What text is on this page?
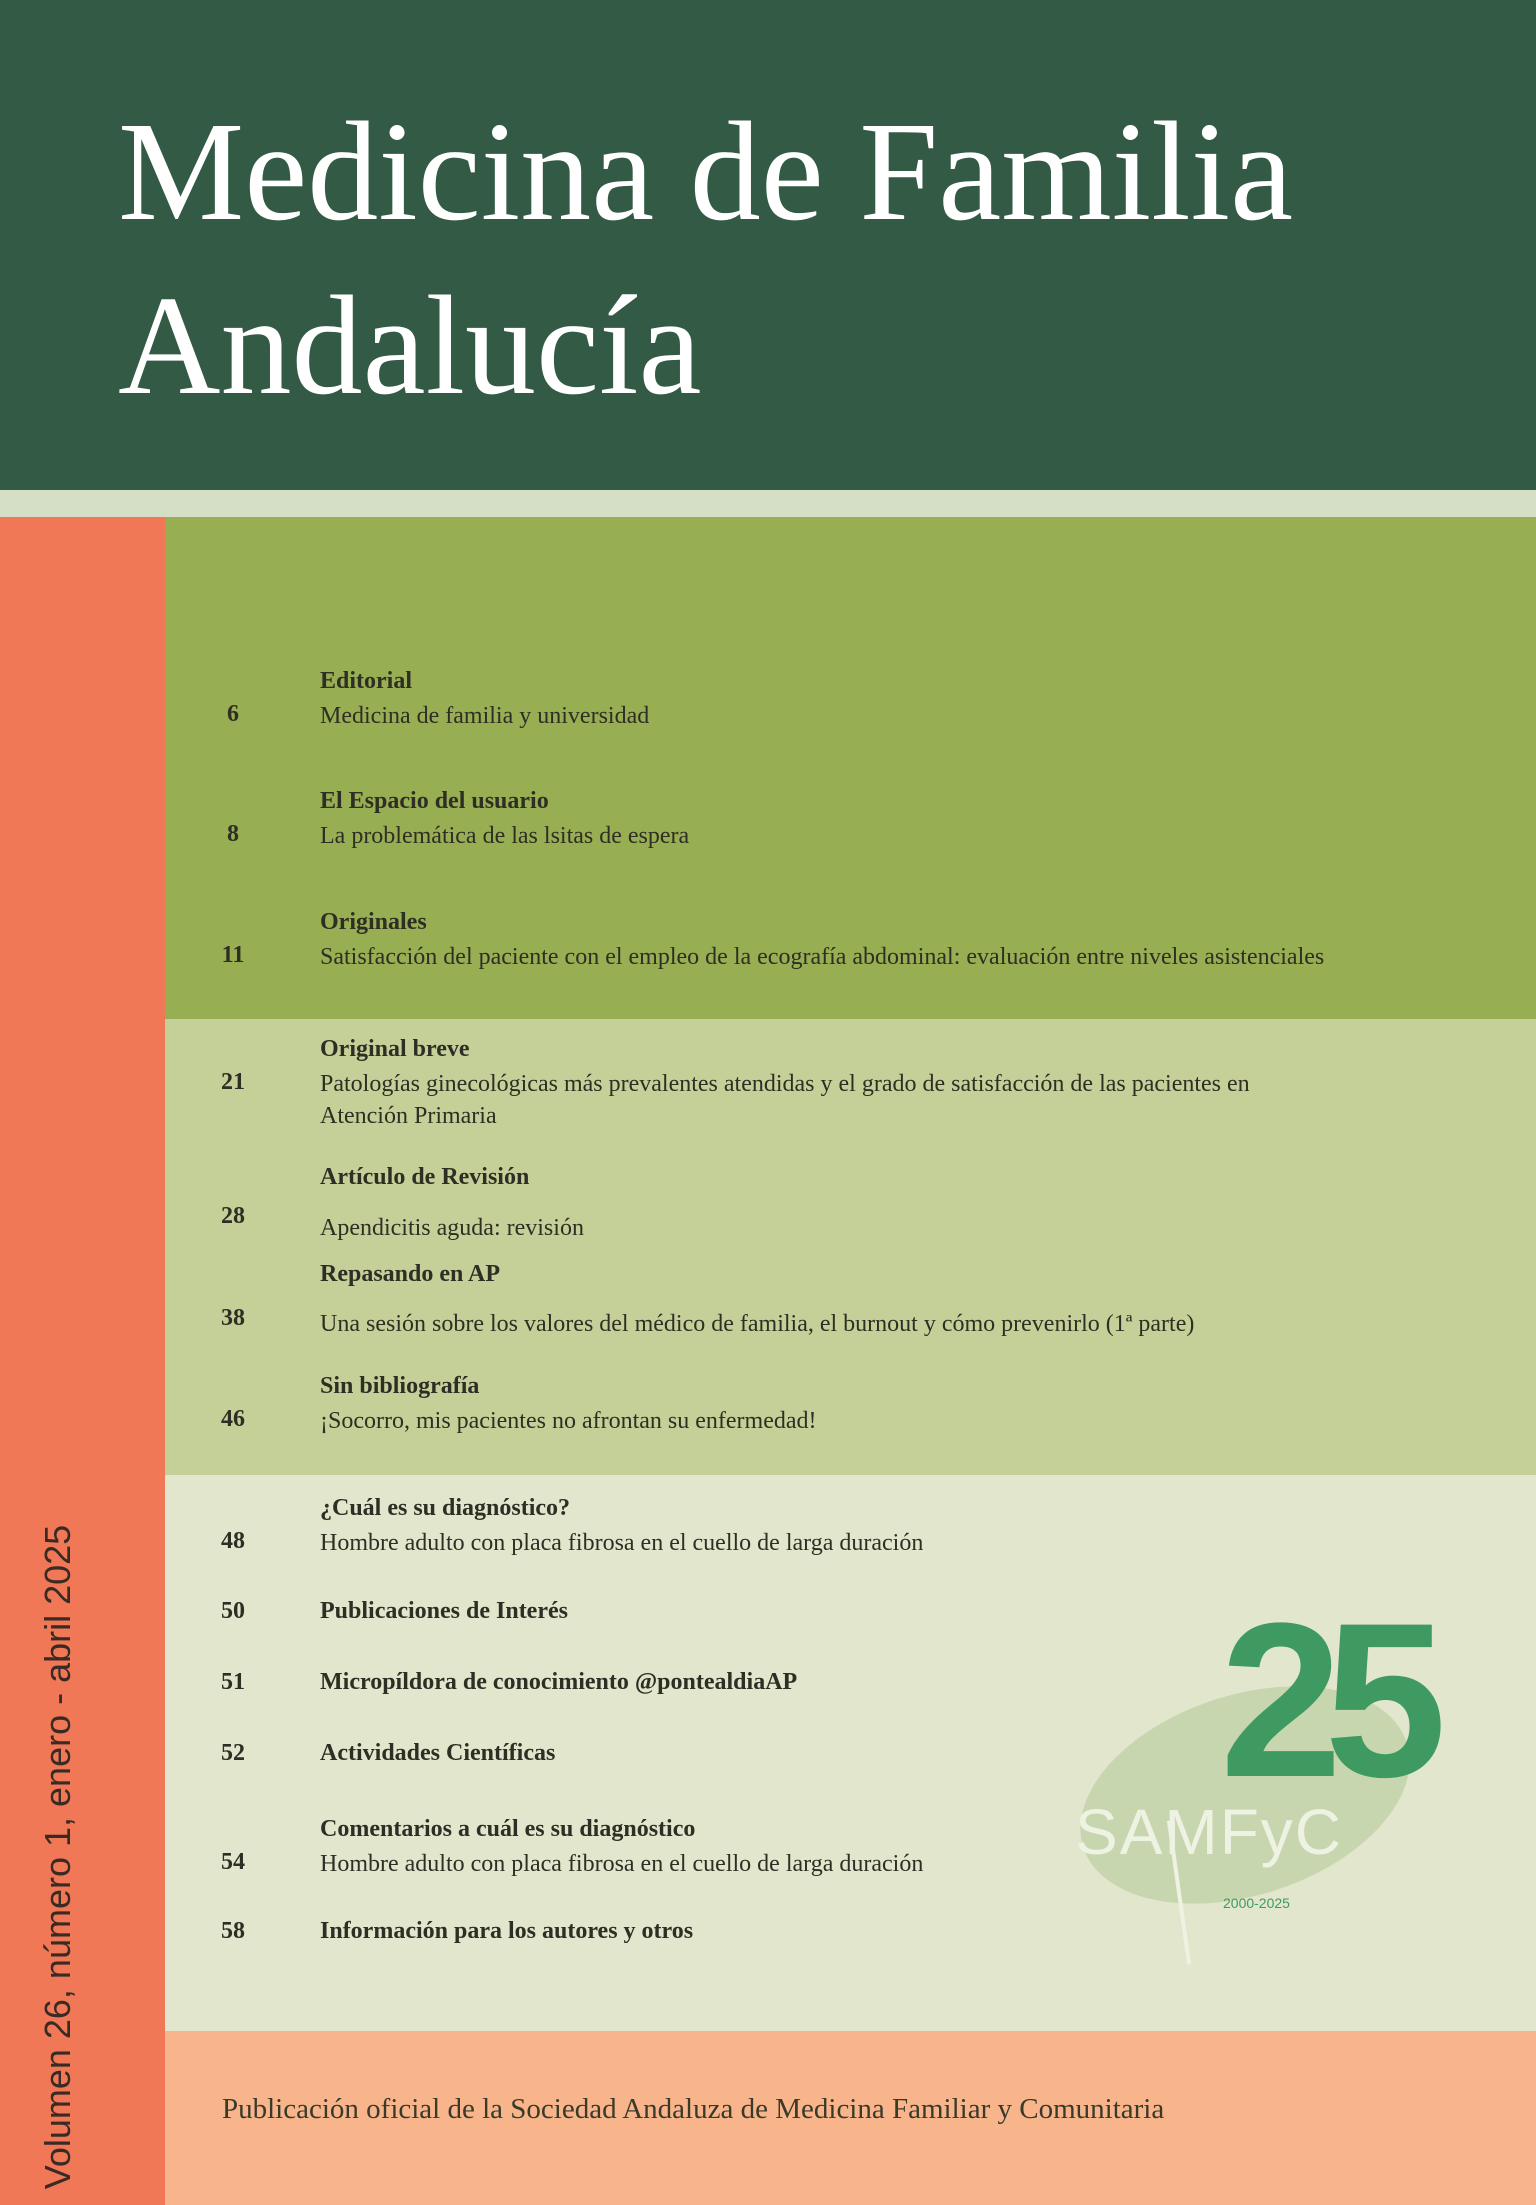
Medicina de Familia
Andalucía
Volumen 26, número 1, enero - abril 2025
Editorial
6	Medicina de familia y universidad
El Espacio del usuario
8	La problemática de las lsitas de espera
Originales
11	Satisfacción del paciente con el empleo de la ecografía abdominal: evaluación entre niveles asistenciales
Original breve
21	Patologías ginecológicas más prevalentes atendidas y el grado de satisfacción de las pacientes en Atención Primaria
Artículo de Revisión
28	Apendicitis aguda: revisión
Repasando en AP
38	Una sesión sobre los valores del médico de familia, el burnout y cómo prevenirlo (1ª parte)
Sin bibliografía
46	¡Socorro, mis pacientes no afrontan su enfermedad!
¿Cuál es su diagnóstico?
48	Hombre adulto con placa fibrosa en el cuello de larga duración
50	Publicaciones de Interés
51	Micropíldora de conocimiento @pontealdiaAP
52	Actividades Científicas
Comentarios a cuál es su diagnóstico
54	Hombre adulto con placa fibrosa en el cuello de larga duración
58	Información para los autores y otros
25
SAMFyC
2000-2025
Publicación oficial de la Sociedad Andaluza de Medicina Familiar y Comunitaria
